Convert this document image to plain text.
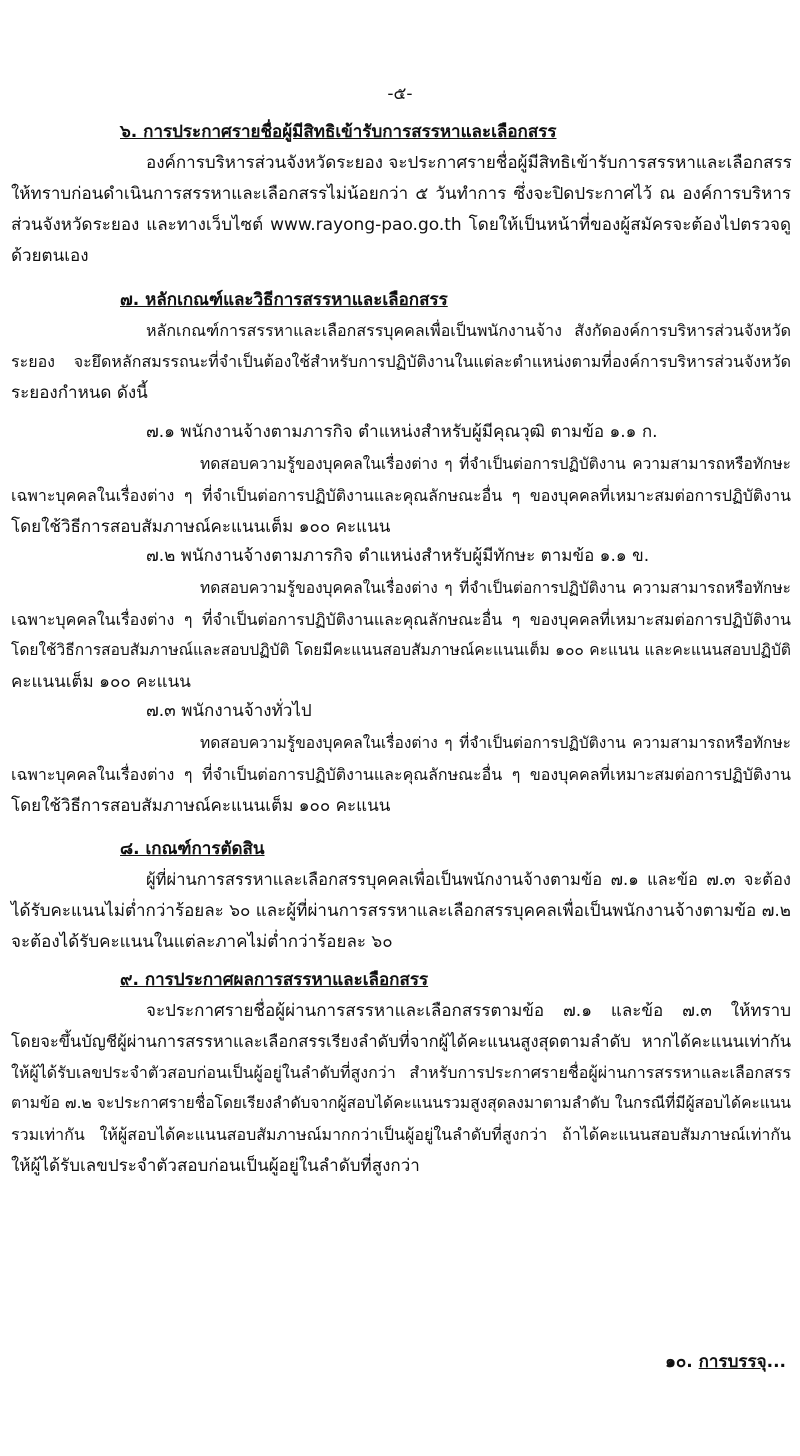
-๕-
๖. การประกาศรายชื่อผู้มีสิทธิเข้ารับการสรรหาและเลือกสรร
องค์การบริหารส่วนจังหวัดระยอง จะประกาศรายชื่อผู้มีสิทธิเข้ารับการสรรหาและเลือกสรร
ให้ทราบก่อนดำเนินการสรรหาและเลือกสรรไม่น้อยกว่า ๕ วันทำการ ซึ่งจะปิดประกาศไว้ ณ องค์การบริหาร
ส่วนจังหวัดระยอง และทางเว็บไซต์ www.rayong-pao.go.th โดยให้เป็นหน้าที่ของผู้สมัครจะต้องไปตรวจดู
ด้วยตนเอง
๗. หลักเกณฑ์และวิธีการสรรหาและเลือกสรร
หลักเกณฑ์การสรรหาและเลือกสรรบุคคลเพื่อเป็นพนักงานจ้าง สังกัดองค์การบริหารส่วนจังหวัด
ระยอง จะยึดหลักสมรรถนะที่จำเป็นต้องใช้สำหรับการปฏิบัติงานในแต่ละตำแหน่งตามที่องค์การบริหารส่วนจังหวัด
ระยองกำหนด ดังนี้
๗.๑ พนักงานจ้างตามภารกิจ ตำแหน่งสำหรับผู้มีคุณวุฒิ ตามข้อ ๑.๑ ก.
ทดสอบความรู้ของบุคคลในเรื่องต่าง ๆ ที่จำเป็นต่อการปฏิบัติงาน ความสามารถหรือทักษะ
เฉพาะบุคคลในเรื่องต่าง ๆ ที่จำเป็นต่อการปฏิบัติงานและคุณลักษณะอื่น ๆ ของบุคคลที่เหมาะสมต่อการปฏิบัติงาน
โดยใช้วิธีการสอบสัมภาษณ์คะแนนเต็ม ๑๐๐ คะแนน
๗.๒ พนักงานจ้างตามภารกิจ ตำแหน่งสำหรับผู้มีทักษะ ตามข้อ ๑.๑ ข.
ทดสอบความรู้ของบุคคลในเรื่องต่าง ๆ ที่จำเป็นต่อการปฏิบัติงาน ความสามารถหรือทักษะ
เฉพาะบุคคลในเรื่องต่าง ๆ ที่จำเป็นต่อการปฏิบัติงานและคุณลักษณะอื่น ๆ ของบุคคลที่เหมาะสมต่อการปฏิบัติงาน
โดยใช้วิธีการสอบสัมภาษณ์และสอบปฏิบัติ โดยมีคะแนนสอบสัมภาษณ์คะแนนเต็ม ๑๐๐ คะแนน และคะแนนสอบปฏิบัติ
คะแนนเต็ม ๑๐๐ คะแนน
๗.๓ พนักงานจ้างทั่วไป
ทดสอบความรู้ของบุคคลในเรื่องต่าง ๆ ที่จำเป็นต่อการปฏิบัติงาน ความสามารถหรือทักษะ
เฉพาะบุคคลในเรื่องต่าง ๆ ที่จำเป็นต่อการปฏิบัติงานและคุณลักษณะอื่น ๆ ของบุคคลที่เหมาะสมต่อการปฏิบัติงาน
โดยใช้วิธีการสอบสัมภาษณ์คะแนนเต็ม ๑๐๐ คะแนน
๘. เกณฑ์การตัดสิน
ผู้ที่ผ่านการสรรหาและเลือกสรรบุคคลเพื่อเป็นพนักงานจ้างตามข้อ ๗.๑ และข้อ ๗.๓ จะต้อง
ได้รับคะแนนไม่ต่ำกว่าร้อยละ ๖๐ และผู้ที่ผ่านการสรรหาและเลือกสรรบุคคลเพื่อเป็นพนักงานจ้างตามข้อ ๗.๒
จะต้องได้รับคะแนนในแต่ละภาคไม่ต่ำกว่าร้อยละ ๖๐
๙. การประกาศผลการสรรหาและเลือกสรร
จะประกาศรายชื่อผู้ผ่านการสรรหาและเลือกสรรตามข้อ ๗.๑ และข้อ ๗.๓ ให้ทราบ
โดยจะขึ้นบัญชีผู้ผ่านการสรรหาและเลือกสรรเรียงลำดับที่จากผู้ได้คะแนนสูงสุดตามลำดับ หากได้คะแนนเท่ากัน
ให้ผู้ได้รับเลขประจำตัวสอบก่อนเป็นผู้อยู่ในลำดับที่สูงกว่า สำหรับการประกาศรายชื่อผู้ผ่านการสรรหาและเลือกสรร
ตามข้อ ๗.๒ จะประกาศรายชื่อโดยเรียงลำดับจากผู้สอบได้คะแนนรวมสูงสุดลงมาตามลำดับ ในกรณีที่มีผู้สอบได้คะแนน
รวมเท่ากัน ให้ผู้สอบได้คะแนนสอบสัมภาษณ์มากกว่าเป็นผู้อยู่ในลำดับที่สูงกว่า ถ้าได้คะแนนสอบสัมภาษณ์เท่ากัน
ให้ผู้ได้รับเลขประจำตัวสอบก่อนเป็นผู้อยู่ในลำดับที่สูงกว่า
๑๐. การบรรจุ...
